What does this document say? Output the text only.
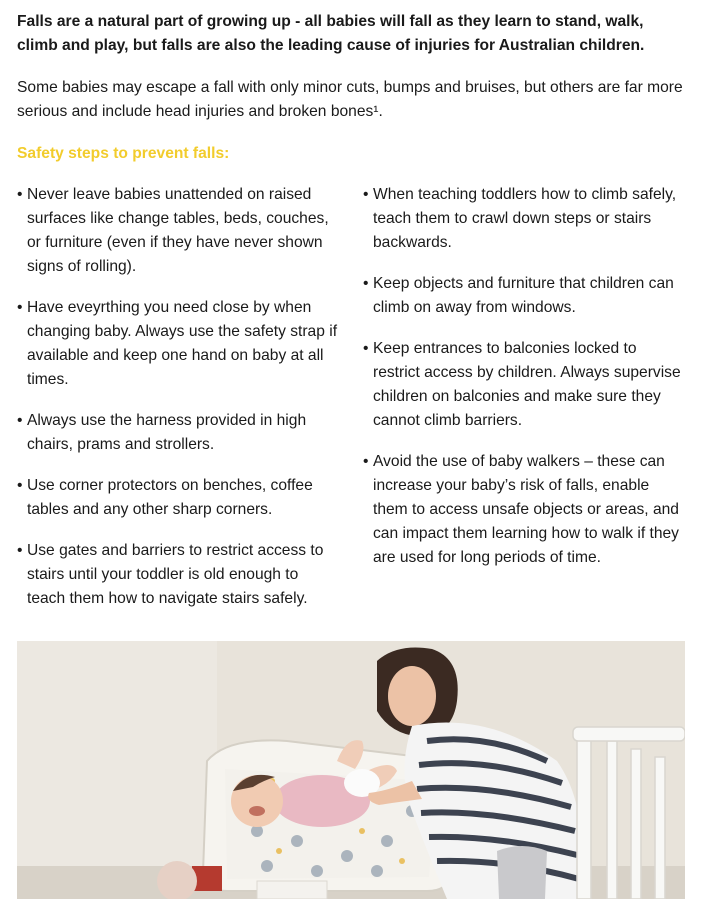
Falls are a natural part of growing up - all babies will fall as they learn to stand, walk, climb and play, but falls are also the leading cause of injuries for Australian children.

Some babies may escape a fall with only minor cuts, bumps and bruises, but others are far more serious and include head injuries and broken bones¹.

Safety steps to prevent falls:

• Never leave babies unattended on raised surfaces like change tables, beds, couches, or furniture (even if they have never shown signs of rolling).
• Have eveyrthing you need close by when changing baby. Always use the safety strap if available and keep one hand on baby at all times.
• Always use the harness provided in high chairs, prams and strollers.
• Use corner protectors on benches, coffee tables and any other sharp corners.
• Use gates and barriers to restrict access to stairs until your toddler is old enough to teach them how to navigate stairs safely.
• When teaching toddlers how to climb safely, teach them to crawl down steps or stairs backwards.
• Keep objects and furniture that children can climb on away from windows.
• Keep entrances to balconies locked to restrict access by children. Always supervise children on balconies and make sure they cannot climb barriers.
• Avoid the use of baby walkers – these can increase your baby’s risk of falls, enable them to access unsafe objects or areas, and can impact them learning how to walk if they are used for long periods of time.
